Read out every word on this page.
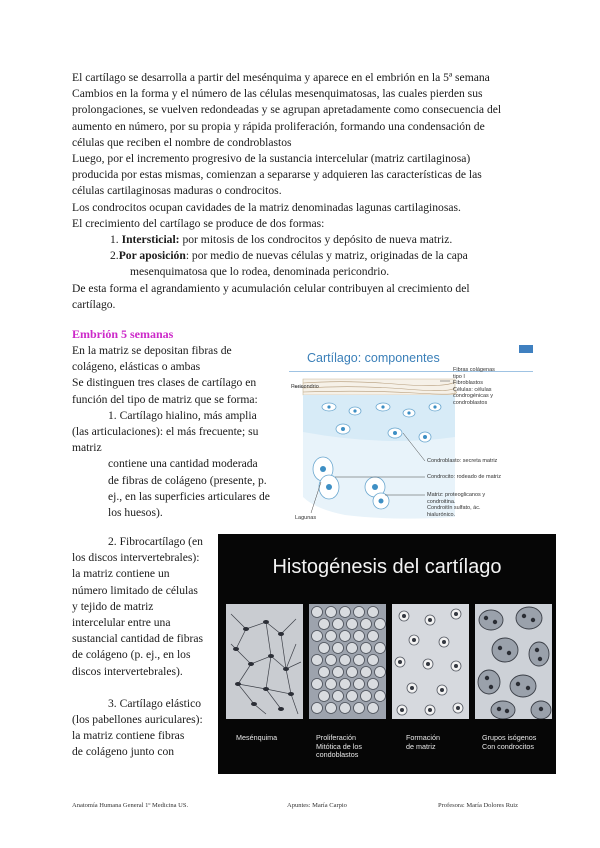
El cartílago se desarrolla a partir del mesénquima y aparece en el embrión en la 5ª semana
Cambios en la forma y el número de las células mesenquimatosas, las cuales pierden sus
prolongaciones, se vuelven redondeadas y se agrupan apretadamente como consecuencia del
aumento en número, por su propia y rápida proliferación, formando una condensación de
células que reciben el nombre de condroblastos
Luego, por el incremento progresivo de la sustancia intercelular (matriz cartilaginosa)
producida por estas mismas, comienzan a separarse y adquieren las características de las
células cartilaginosas maduras o condrocitos.
Los condrocitos ocupan cavidades de la matriz denominadas lagunas cartilaginosas.
El crecimiento del cartílago se produce de dos formas:
1. Intersticial: por mitosis de los condrocitos y depósito de nueva matriz.
2.Por aposición: por medio de nuevas células y matriz, originadas de la capa
mesenquimatosa que lo rodea, denominada pericondrio.
De esta forma el agrandamiento y acumulación celular contribuyen al crecimiento del
cartílago.
Embrión 5 semanas
En la matriz se depositan fibras de
colágeno, elásticas o ambas
Se distinguen tres clases de cartílago en
función del tipo de matriz que se forma:
1. Cartílago hialino, más amplia
(las articulaciones): el más frecuente; su
matriz
contiene una cantidad moderada
de fibras de colágeno (presente, p.
ej., en las superficies articulares de
los huesos).
2. Fibrocartílago (en
los discos intervertebrales):
la matriz contiene un
número limitado de células
y tejido de matriz
intercelular entre una
sustancial cantidad de fibras
de colágeno (p. ej., en los
discos intervertebrales).
3. Cartílago elástico
(los pabellones auriculares):
la matriz contiene fibras
de colágeno junto con
Cartílago: componentes
Pericondrio
Fibras colágenas
tipo I
Fibroblastos
Células: células
condrogénicas y
condroblastos
Condroblasto: secreta matriz
Condrocito: rodeado de matriz
Matriz: proteoglicanos y
condroitina.
Condroitín sulfato, ác.
hialurónico.
Lagunas
Histogénesis del cartílago
Mesénquima	Proliferación
Mitótica de los
condoblastos
Formación
de matriz
Grupos isógenos
Con condrocitos
Anatomía Humana General 1º Medicina US.	Apuntes: María Carpio	Profesora: María Dolores Ruiz
